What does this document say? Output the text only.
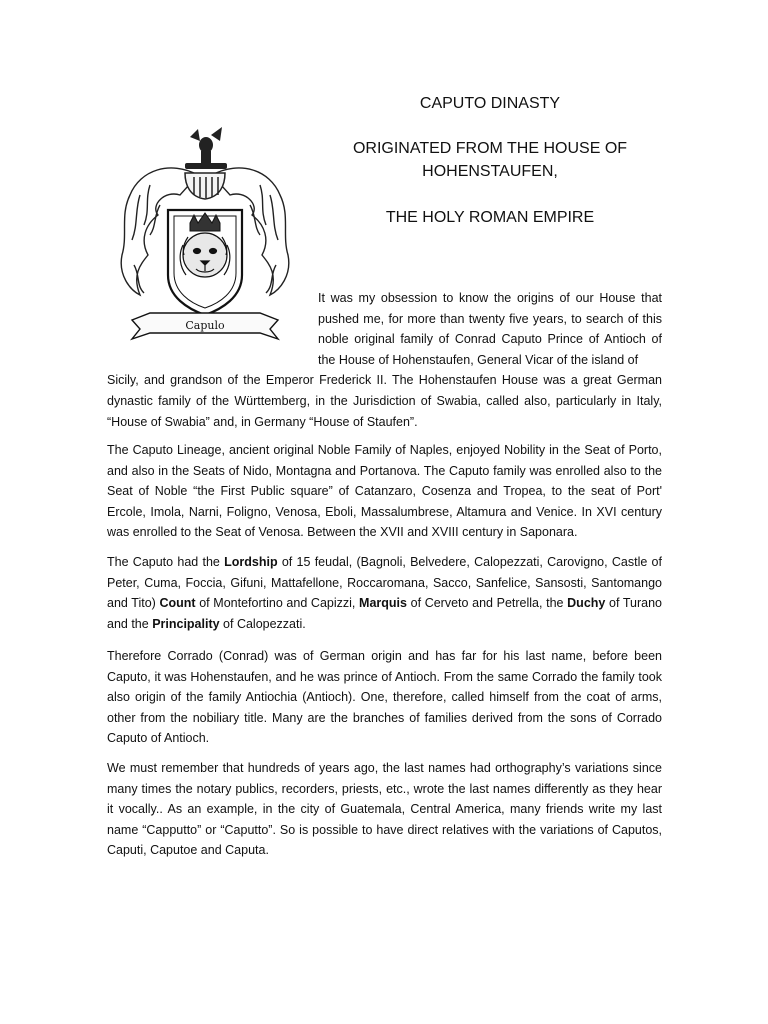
CAPUTO DINASTY
ORIGINATED FROM THE HOUSE OF HOHENSTAUFEN,
THE HOLY ROMAN EMPIRE
Capulo

It was my obsession to know the origins of our House that pushed me, for more than twenty five years, to search of this noble original family of Conrad Caputo Prince of Antioch of the House of Hohenstaufen, General Vicar of the island of
Sicily, and grandson of the Emperor Frederick II. The Hohenstaufen House was a great German dynastic family of the Württemberg, in the Jurisdiction of Swabia, called also, particularly in Italy, “House of Swabia” and, in Germany “House of Staufen”.

The Caputo Lineage, ancient original Noble Family of Naples, enjoyed Nobility in the Seat of Porto, and also in the Seats of Nido, Montagna and Portanova. The Caputo family was enrolled also to the Seat of Noble “the First Public square” of Catanzaro, Cosenza and Tropea, to the seat of Port' Ercole, Imola, Narni, Foligno, Venosa, Eboli, Massalumbrese, Altamura and Venice. In XVI century was enrolled to the Seat of Venosa. Between the XVII and XVIII century in Saponara.

The Caputo had the Lordship of 15 feudal, (Bagnoli, Belvedere, Calopezzati, Carovigno, Castle of Peter, Cuma, Foccia, Gifuni, Mattafellone, Roccaromana, Sacco, Sanfelice, Sansosti, Santomango and Tito) Count of Montefortino and Capizzi, Marquis of Cerveto and Petrella, the Duchy of Turano and the Principality of Calopezzati.

Therefore Corrado (Conrad) was of German origin and has far for his last name, before been Caputo, it was Hohenstaufen, and he was prince of Antioch. From the same Corrado the family took also origin of the family Antiochia (Antioch). One, therefore, called himself from the coat of arms, other from the nobiliary title. Many are the branches of families derived from the sons of Corrado Caputo of Antioch.

We must remember that hundreds of years ago, the last names had orthography’s variations since many times the notary publics, recorders, priests, etc., wrote the last names differently as they hear it vocally.. As an example, in the city of Guatemala, Central America, many friends write my last name “Capputto” or “Caputto”. So is possible to have direct relatives with the variations of Caputos, Caputi, Caputoe and Caputa.
